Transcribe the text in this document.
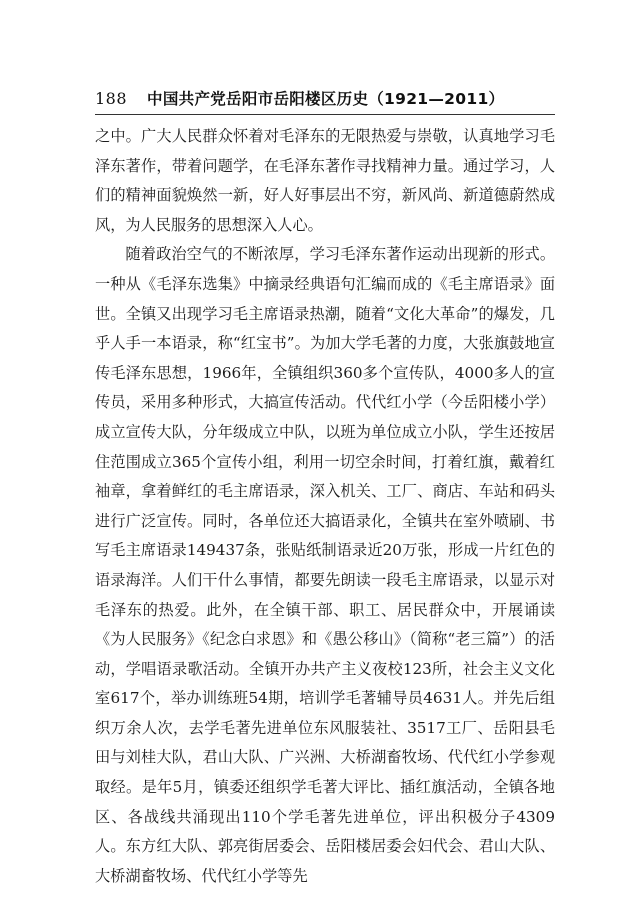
188 中国共产党岳阳市岳阳楼区历史（1921—2011）

之中。广大人民群众怀着对毛泽东的无限热爱与崇敬，认真地学习毛泽东著作，带着问题学，在毛泽东著作寻找精神力量。通过学习，人们的精神面貌焕然一新，好人好事层出不穷，新风尚、新道德蔚然成风，为人民服务的思想深入人心。

随着政治空气的不断浓厚，学习毛泽东著作运动出现新的形式。一种从《毛泽东选集》中摘录经典语句汇编而成的《毛主席语录》面世。全镇又出现学习毛主席语录热潮，随着“文化大革命”的爆发，几乎人手一本语录，称“红宝书”。为加大学毛著的力度，大张旗鼓地宣传毛泽东思想，1966年，全镇组织360多个宣传队，4000多人的宣传员，采用多种形式，大搞宣传活动。代代红小学（今岳阳楼小学）成立宣传大队，分年级成立中队，以班为单位成立小队，学生还按居住范围成立365个宣传小组，利用一切空余时间，打着红旗，戴着红袖章，拿着鲜红的毛主席语录，深入机关、工厂、商店、车站和码头进行广泛宣传。同时，各单位还大搞语录化，全镇共在室外喷刷、书写毛主席语录149437条，张贴纸制语录近20万张，形成一片红色的语录海洋。人们干什么事情，都要先朗读一段毛主席语录，以显示对毛泽东的热爱。此外，在全镇干部、职工、居民群众中，开展诵读《为人民服务》《纪念白求恩》和《愚公移山》（简称“老三篇”）的活动，学唱语录歌活动。全镇开办共产主义夜校123所，社会主义文化室617个，举办训练班54期，培训学毛著辅导员4631人。并先后组织万余人次，去学毛著先进单位东风服装社、3517工厂、岳阳县毛田与刘桂大队，君山大队、广兴洲、大桥湖畜牧场、代代红小学参观取经。是年5月，镇委还组织学毛著大评比、插红旗活动，全镇各地区、各战线共涌现出110个学毛著先进单位，评出积极分子4309人。东方红大队、郭亮街居委会、岳阳楼居委会妇代会、君山大队、大桥湖畜牧场、代代红小学等先
